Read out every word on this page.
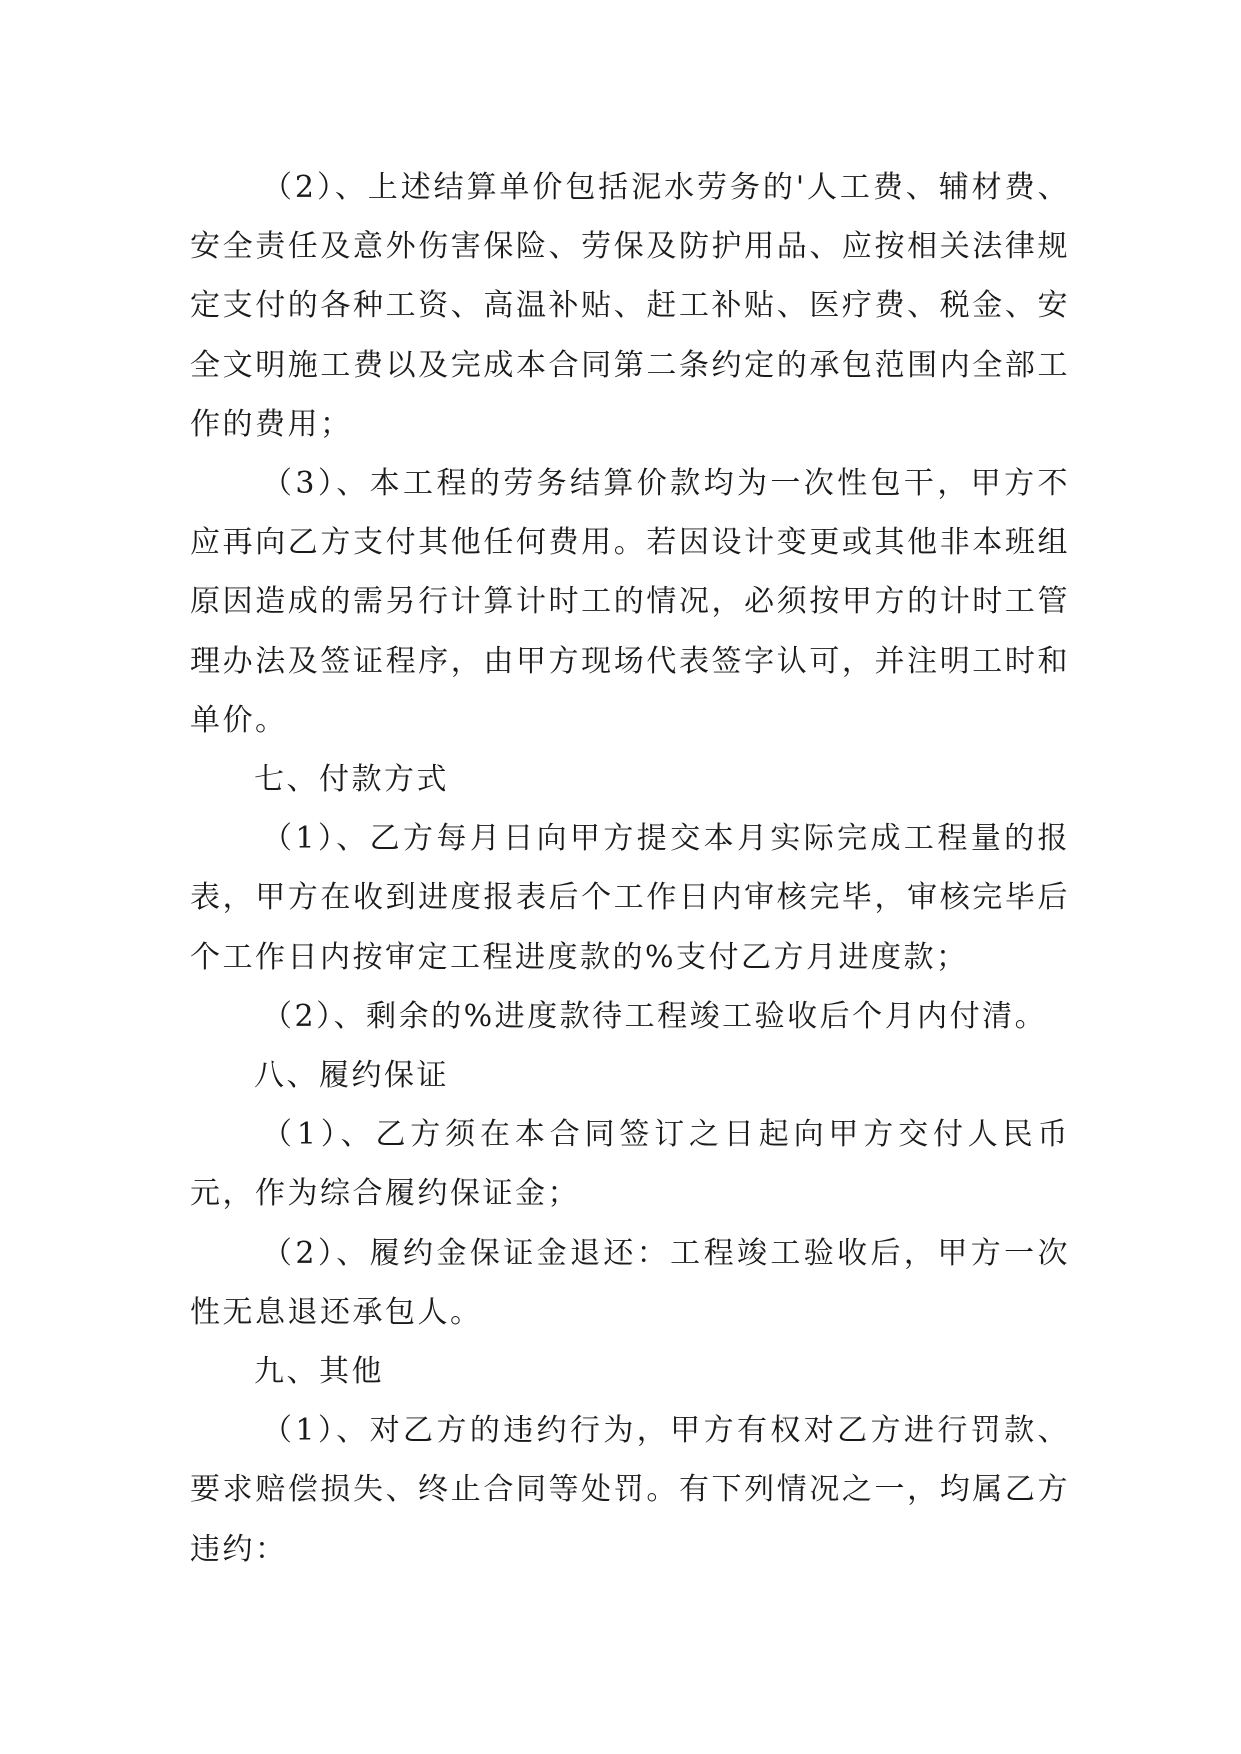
（2）、上述结算单价包括泥水劳务的'人工费、辅材费、安全责任及意外伤害保险、劳保及防护用品、应按相关法律规定支付的各种工资、高温补贴、赶工补贴、医疗费、税金、安全文明施工费以及完成本合同第二条约定的承包范围内全部工作的费用；

（3）、本工程的劳务结算价款均为一次性包干，甲方不应再向乙方支付其他任何费用。若因设计变更或其他非本班组原因造成的需另行计算计时工的情况，必须按甲方的计时工管理办法及签证程序，由甲方现场代表签字认可，并注明工时和单价。

七、付款方式

（1）、乙方每月日向甲方提交本月实际完成工程量的报表，甲方在收到进度报表后个工作日内审核完毕，审核完毕后个工作日内按审定工程进度款的%支付乙方月进度款；

（2）、剩余的%进度款待工程竣工验收后个月内付清。

八、履约保证

（1）、乙方须在本合同签订之日起向甲方交付人民币元，作为综合履约保证金；

（2）、履约金保证金退还：工程竣工验收后，甲方一次性无息退还承包人。

九、其他

（1）、对乙方的违约行为，甲方有权对乙方进行罚款、要求赔偿损失、终止合同等处罚。有下列情况之一，均属乙方违约：
